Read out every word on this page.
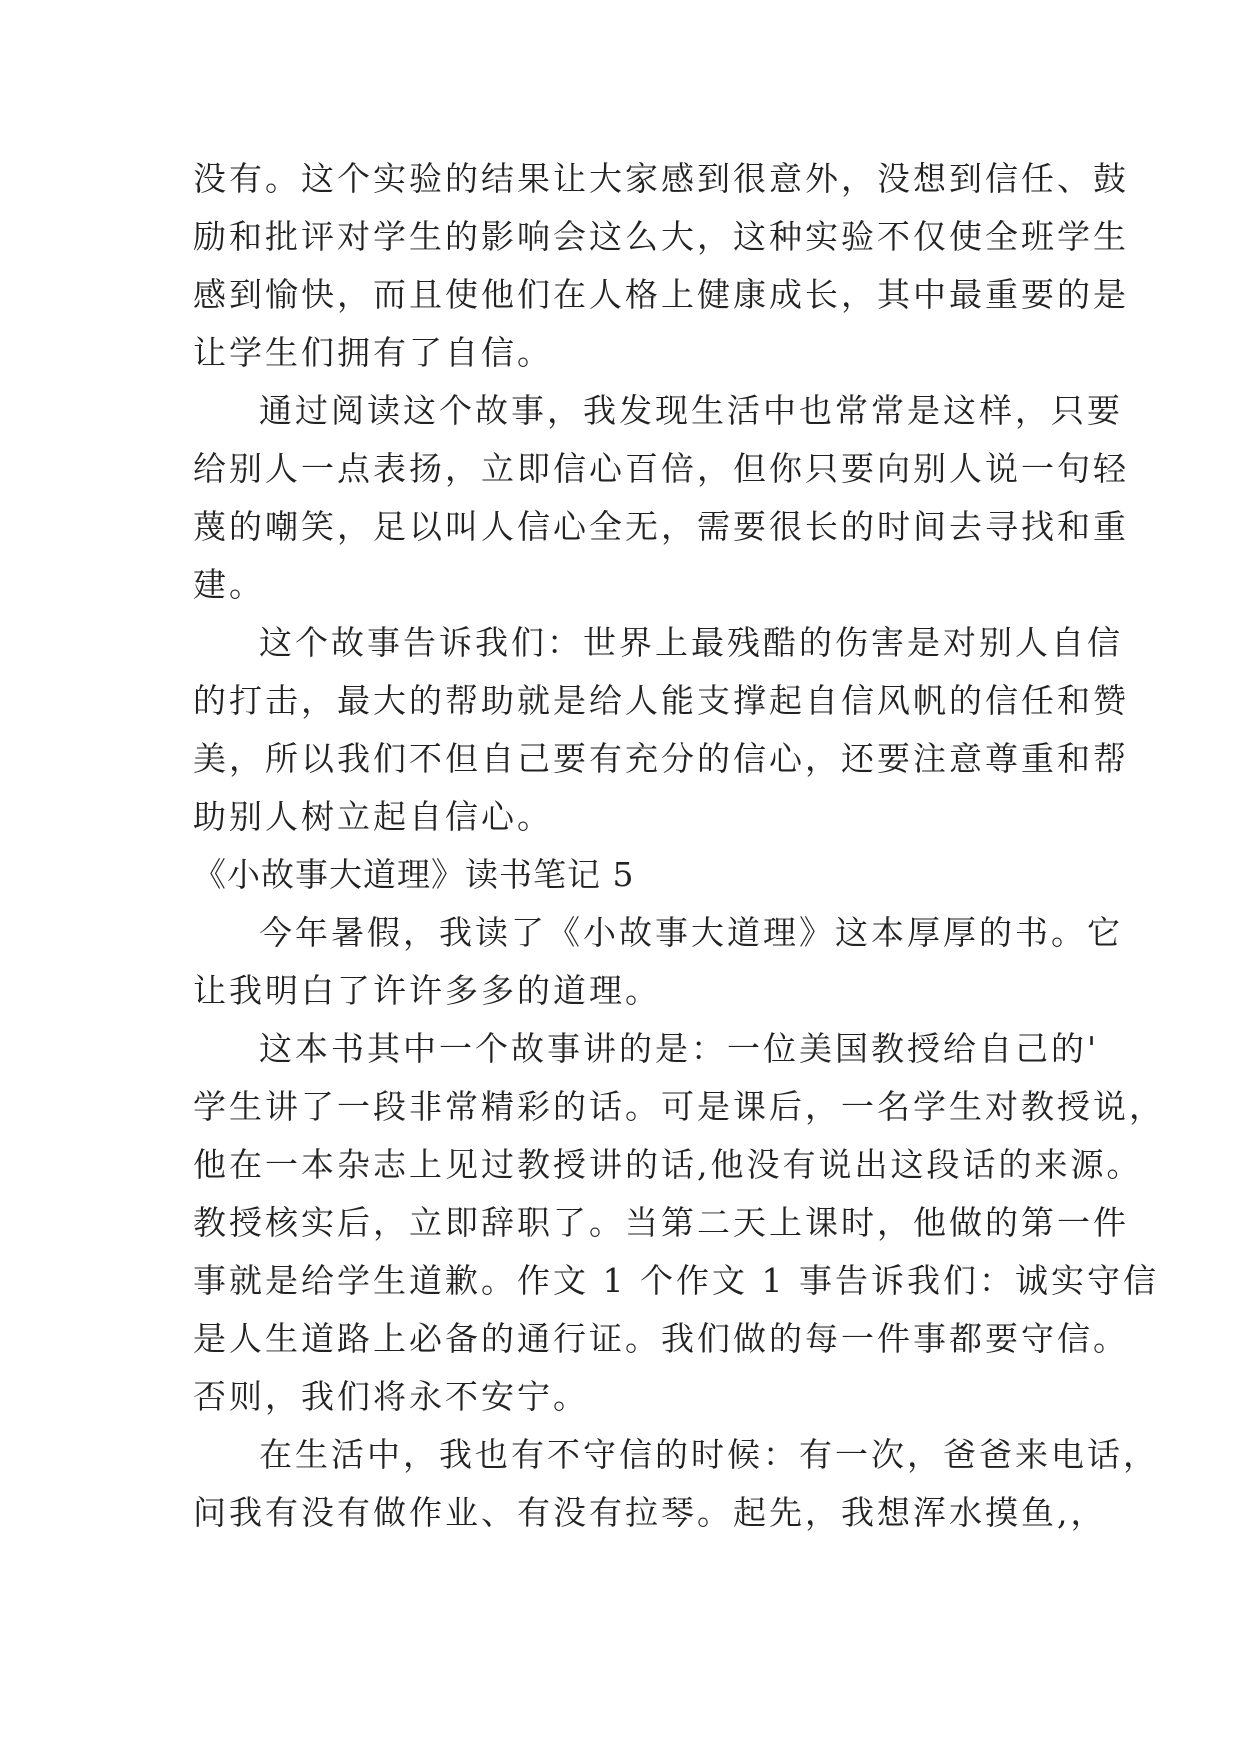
没有。这个实验的结果让大家感到很意外，没想到信任、鼓
励和批评对学生的影响会这么大，这种实验不仅使全班学生
感到愉快，而且使他们在人格上健康成长，其中最重要的是
让学生们拥有了自信。
通过阅读这个故事，我发现生活中也常常是这样，只要
给别人一点表扬，立即信心百倍，但你只要向别人说一句轻
蔑的嘲笑，足以叫人信心全无，需要很长的时间去寻找和重
建。
这个故事告诉我们：世界上最残酷的伤害是对别人自信
的打击，最大的帮助就是给人能支撑起自信风帆的信任和赞
美，所以我们不但自己要有充分的信心，还要注意尊重和帮
助别人树立起自信心。
《小故事大道理》读书笔记 5
今年暑假，我读了《小故事大道理》这本厚厚的书。它
让我明白了许许多多的道理。
这本书其中一个故事讲的是：一位美国教授给自己的'
学生讲了一段非常精彩的话。可是课后，一名学生对教授说，
他在一本杂志上见过教授讲的话,他没有说出这段话的来源。
教授核实后，立即辞职了。当第二天上课时，他做的第一件
事就是给学生道歉。作文 1 个作文 1 事告诉我们：诚实守信
是人生道路上必备的通行证。我们做的每一件事都要守信。
否则，我们将永不安宁。
在生活中，我也有不守信的时候：有一次，爸爸来电话，
问我有没有做作业、有没有拉琴。起先，我想浑水摸鱼,，
